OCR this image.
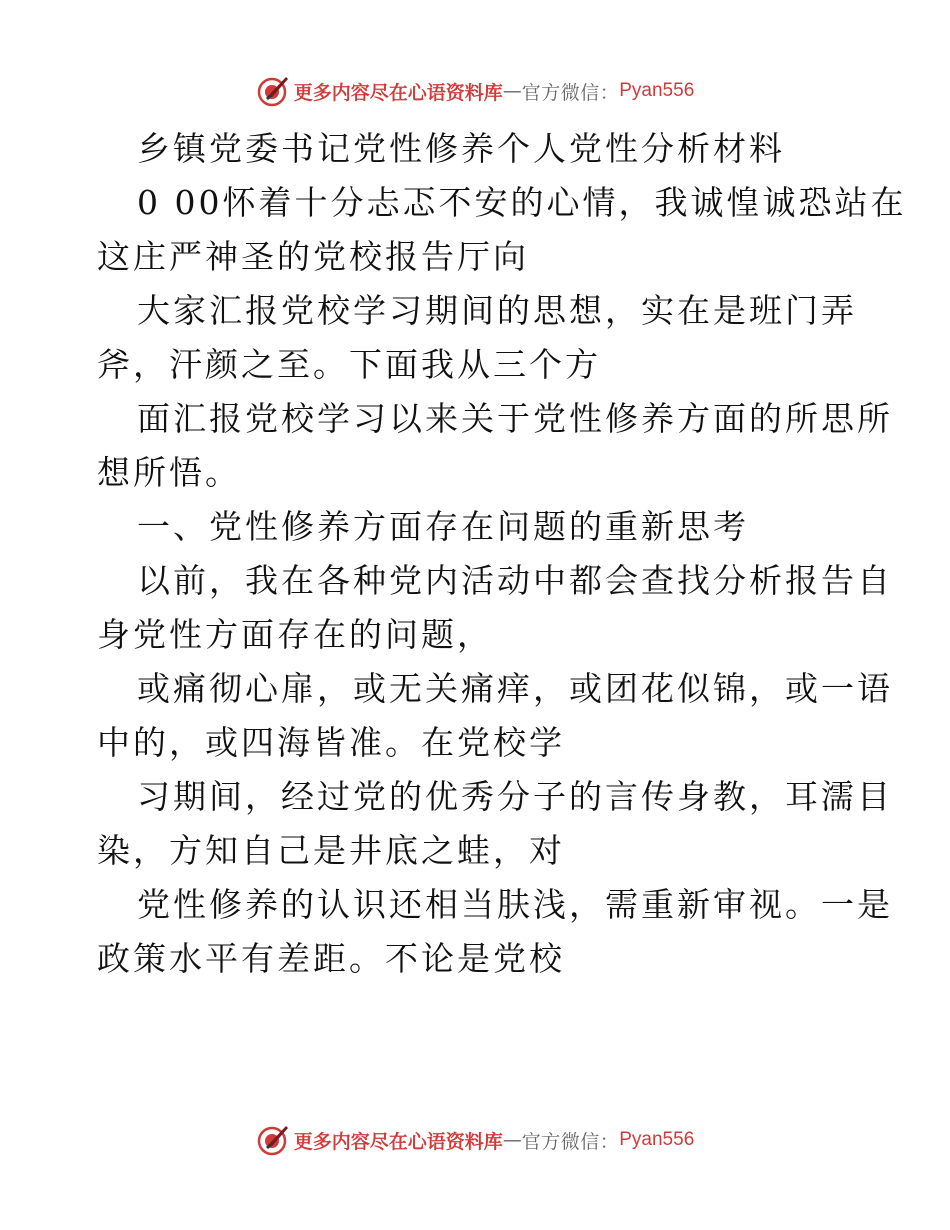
更多内容尽在心语资料库 — 官方微信： Pyan556
乡镇党委书记党性修养个人党性分析材料
0 00怀着十分忐忑不安的心情，我诚惶诚恐站在
这庄严神圣的党校报告厅向
大家汇报党校学习期间的思想，实在是班门弄
斧，汗颜之至。下面我从三个方
面汇报党校学习以来关于党性修养方面的所思所
想所悟。
一、党性修养方面存在问题的重新思考
以前，我在各种党内活动中都会查找分析报告自
身党性方面存在的问题，
或痛彻心扉，或无关痛痒，或团花似锦，或一语
中的，或四海皆准。在党校学
习期间，经过党的优秀分子的言传身教，耳濡目
染，方知自己是井底之蛙，对
党性修养的认识还相当肤浅，需重新审视。一是
政策水平有差距。不论是党校
更多内容尽在心语资料库 — 官方微信： Pyan556
